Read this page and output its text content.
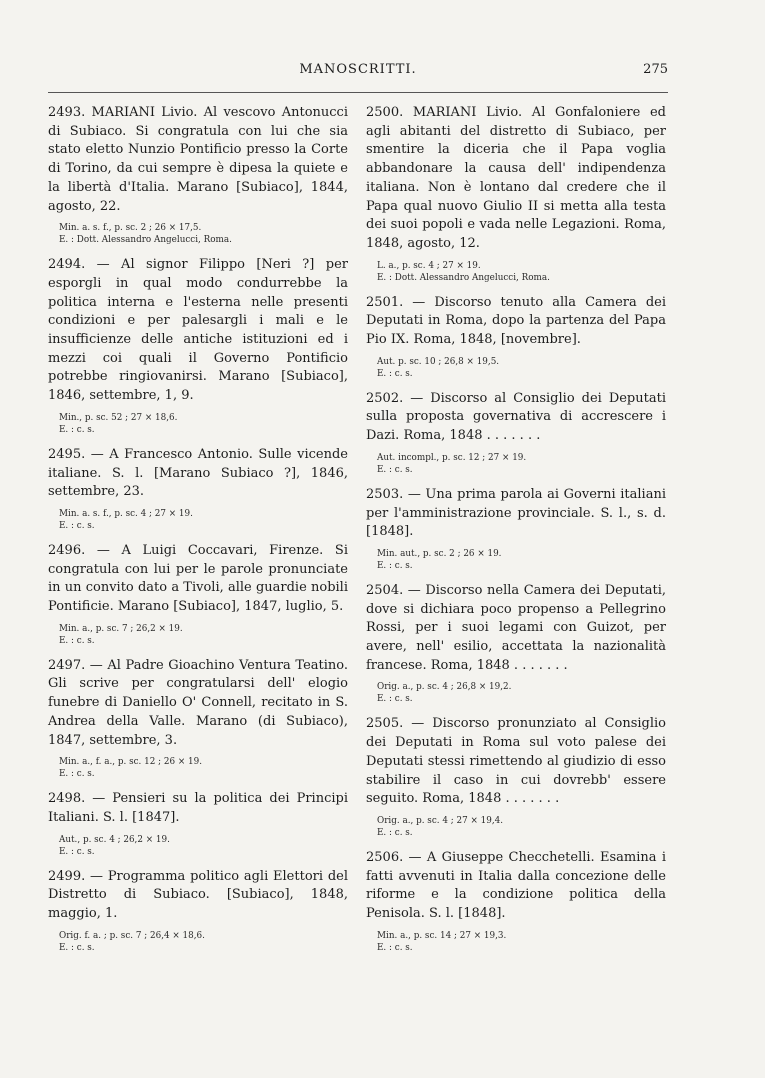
MANOSCRITTI.	275

2493. MARIANI Livio. Al vescovo Antonucci di Subiaco. Si congratula con lui che sia stato eletto Nunzio Pontificio presso la Corte di Torino, da cui sempre è dipesa la quiete e la libertà d'Italia. Marano [Subiaco], 1844, agosto, 22.

Min. a. s. f., p. sc. 2 ; 26 × 17,5.
E. : Dott. Alessandro Angelucci, Roma.

2494. — Al signor Filippo [Neri ?] per esporgli in qual modo condurrebbe la politica interna e l'esterna nelle presenti condizioni e per palesargli i mali e le insufficienze delle antiche istituzioni ed i mezzi coi quali il Governo Pontificio potrebbe ringiovanirsi. Marano [Subiaco], 1846, settembre, 1, 9.

Min., p. sc. 52 ; 27 × 18,6.
E. : c. s.

2495. — A Francesco Antonio. Sulle vicende italiane. S. l. [Marano Subiaco ?], 1846, settembre, 23.

Min. a. s. f., p. sc. 4 ; 27 × 19.
E. : c. s.

2496. — A Luigi Coccavari, Firenze. Si congratula con lui per le parole pronunciate in un convito dato a Tivoli, alle guardie nobili Pontificie. Marano [Subiaco], 1847, luglio, 5.

Min. a., p. sc. 7 ; 26,2 × 19.
E. : c. s.

2497. — Al Padre Gioachino Ventura Teatino. Gli scrive per congratularsi dell' elogio funebre di Daniello O' Connell, recitato in S. Andrea della Valle. Marano (di Subiaco), 1847, settembre, 3.

Min. a., f. a., p. sc. 12 ; 26 × 19.
E. : c. s.

2498. — Pensieri su la politica dei Principi Italiani. S. l. [1847].

Aut., p. sc. 4 ; 26,2 × 19.
E. : c. s.

2499. — Programma politico agli Elettori del Distretto di Subiaco. [Subiaco], 1848, maggio, 1.

Orig. f. a. ; p. sc. 7 ; 26,4 × 18,6.
E. : c. s.

2500. MARIANI Livio. Al Gonfaloniere ed agli abitanti del distretto di Subiaco, per smentire la diceria che il Papa voglia abbandonare la causa dell' indipendenza italiana. Non è lontano dal credere che il Papa qual nuovo Giulio II si metta alla testa dei suoi popoli e vada nelle Legazioni. Roma, 1848, agosto, 12.

L. a., p. sc. 4 ; 27 × 19.
E. : Dott. Alessandro Angelucci, Roma.

2501. — Discorso tenuto alla Camera dei Deputati in Roma, dopo la partenza del Papa Pio IX. Roma, 1848, [novembre].

Aut. p. sc. 10 ; 26,8 × 19,5.
E. : c. s.

2502. — Discorso al Consiglio dei Deputati sulla proposta governativa di accrescere i Dazi. Roma, 1848 . . . . . . .

Aut. incompl., p. sc. 12 ; 27 × 19.
E. : c. s.

2503. — Una prima parola ai Governi italiani per l'amministrazione provinciale. S. l., s. d. [1848].

Min. aut., p. sc. 2 ; 26 × 19.
E. : c. s.

2504. — Discorso nella Camera dei Deputati, dove si dichiara poco propenso a Pellegrino Rossi, per i suoi legami con Guizot, per avere, nell' esilio, accettata la nazionalità francese. Roma, 1848 . . . . . . .

Orig. a., p. sc. 4 ; 26,8 × 19,2.
E. : c. s.

2505. — Discorso pronunziato al Consiglio dei Deputati in Roma sul voto palese dei Deputati stessi rimettendo al giudizio di esso stabilire il caso in cui dovrebb' essere seguito. Roma, 1848 . . . . . . .

Orig. a., p. sc. 4 ; 27 × 19,4.
E. : c. s.

2506. — A Giuseppe Checchetelli. Esamina i fatti avvenuti in Italia dalla concezione delle riforme e la condizione politica della Penisola. S. l. [1848].

Min. a., p. sc. 14 ; 27 × 19,3.
E. : c. s.
